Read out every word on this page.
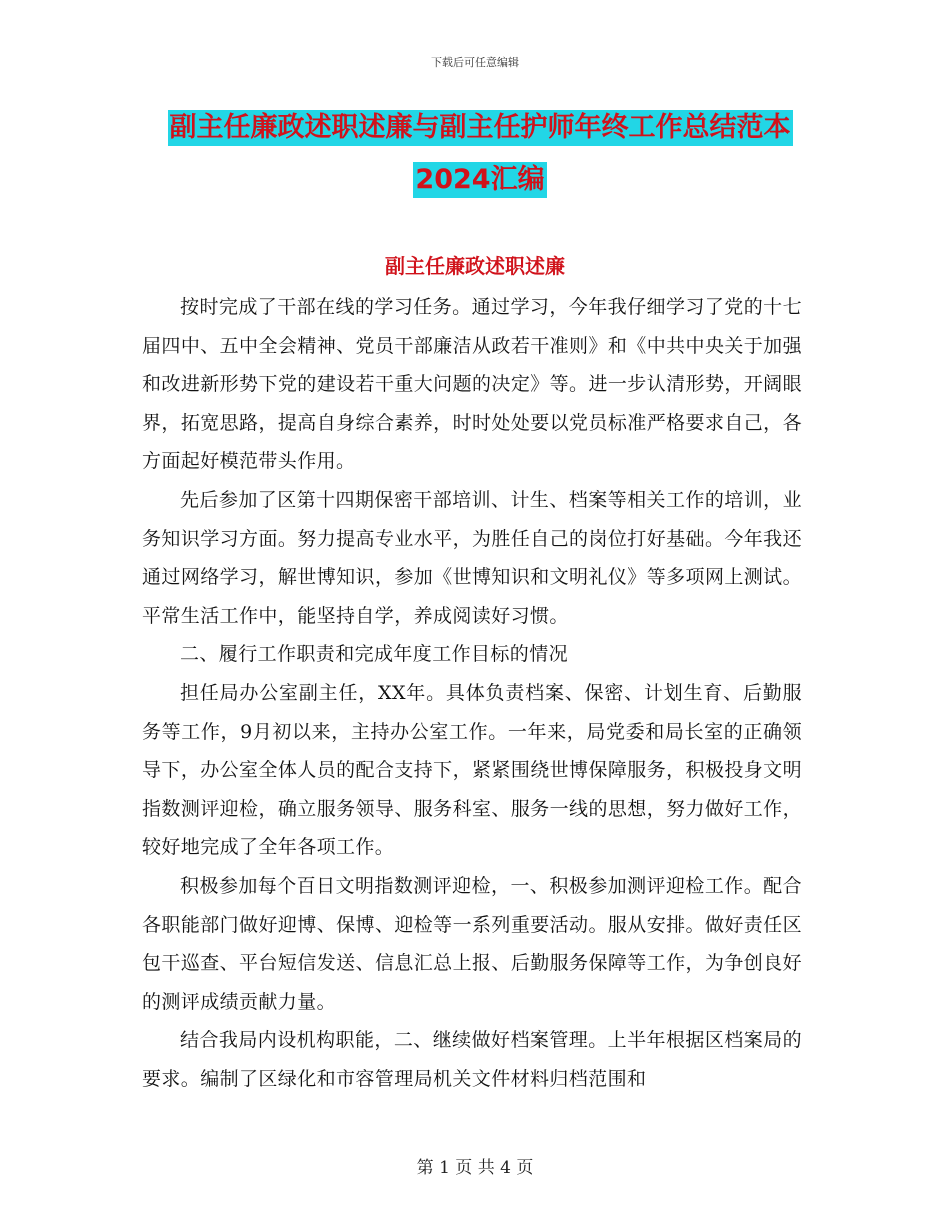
下载后可任意编辑
副主任廉政述职述廉与副主任护师年终工作总结范本
2024汇编
副主任廉政述职述廉

按时完成了干部在线的学习任务。通过学习，今年我仔细学习了党的十七届四中、五中全会精神、党员干部廉洁从政若干准则》和《中共中央关于加强和改进新形势下党的建设若干重大问题的决定》等。进一步认清形势，开阔眼界，拓宽思路，提高自身综合素养，时时处处要以党员标准严格要求自己，各方面起好模范带头作用。

先后参加了区第十四期保密干部培训、计生、档案等相关工作的培训，业务知识学习方面。努力提高专业水平，为胜任自己的岗位打好基础。今年我还通过网络学习，解世博知识，参加《世博知识和文明礼仪》等多项网上测试。平常生活工作中，能坚持自学，养成阅读好习惯。

二、履行工作职责和完成年度工作目标的情况

担任局办公室副主任，XX年。具体负责档案、保密、计划生育、后勤服务等工作，9月初以来，主持办公室工作。一年来，局党委和局长室的正确领导下，办公室全体人员的配合支持下，紧紧围绕世博保障服务，积极投身文明指数测评迎检，确立服务领导、服务科室、服务一线的思想，努力做好工作，较好地完成了全年各项工作。

积极参加每个百日文明指数测评迎检，一、积极参加测评迎检工作。配合各职能部门做好迎博、保博、迎检等一系列重要活动。服从安排。做好责任区包干巡查、平台短信发送、信息汇总上报、后勤服务保障等工作，为争创良好的测评成绩贡献力量。

结合我局内设机构职能，二、继续做好档案管理。上半年根据区档案局的要求。编制了区绿化和市容管理局机关文件材料归档范围和

第 1 页 共 4 页
